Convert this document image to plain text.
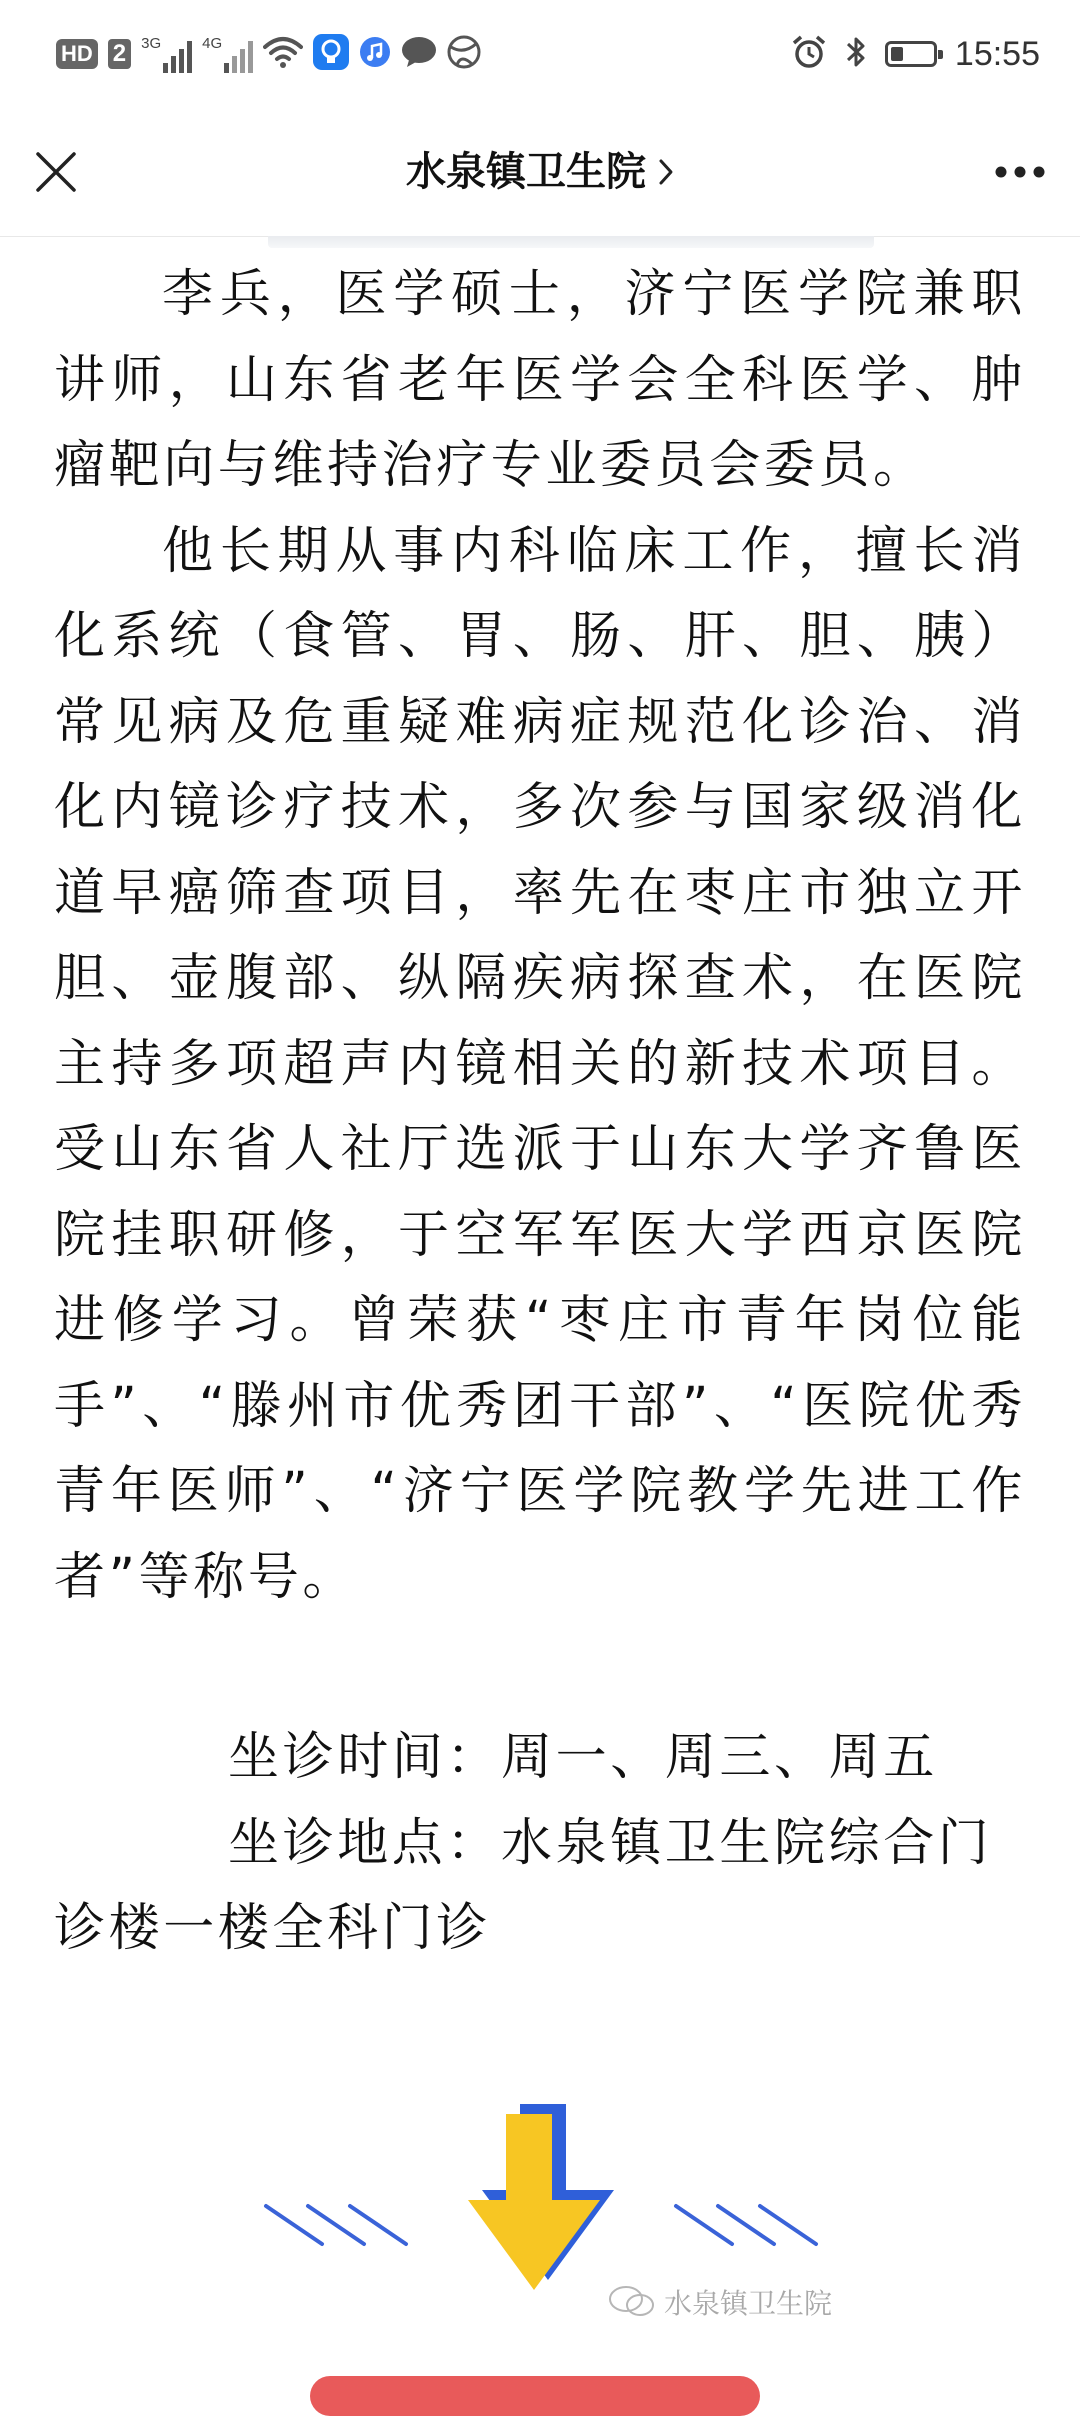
HD 2	3G	4G	15:55
水泉镇卫生院

李兵，医学硕士，济宁医学院兼职讲师，山东省老年医学会全科医学、肿瘤靶向与维持治疗专业委员会委员。

他长期从事内科临床工作，擅长消化系统（食管、胃、肠、肝、胆、胰）常见病及危重疑难病症规范化诊治、消化内镜诊疗技术，多次参与国家级消化道早癌筛查项目，率先在枣庄市独立开胆、壶腹部、纵隔疾病探查术，在医院主持多项超声内镜相关的新技术项目。受山东省人社厅选派于山东大学齐鲁医院挂职研修，于空军军医大学西京医院进修学习。曾荣获“枣庄市青年岗位能手”、“滕州市优秀团干部”、“医院优秀青年医师”、“济宁医学院教学先进工作者”等称号。

坐诊时间：周一、周三、周五

坐诊地点：水泉镇卫生院综合门诊楼一楼全科门诊

水泉镇卫生院
